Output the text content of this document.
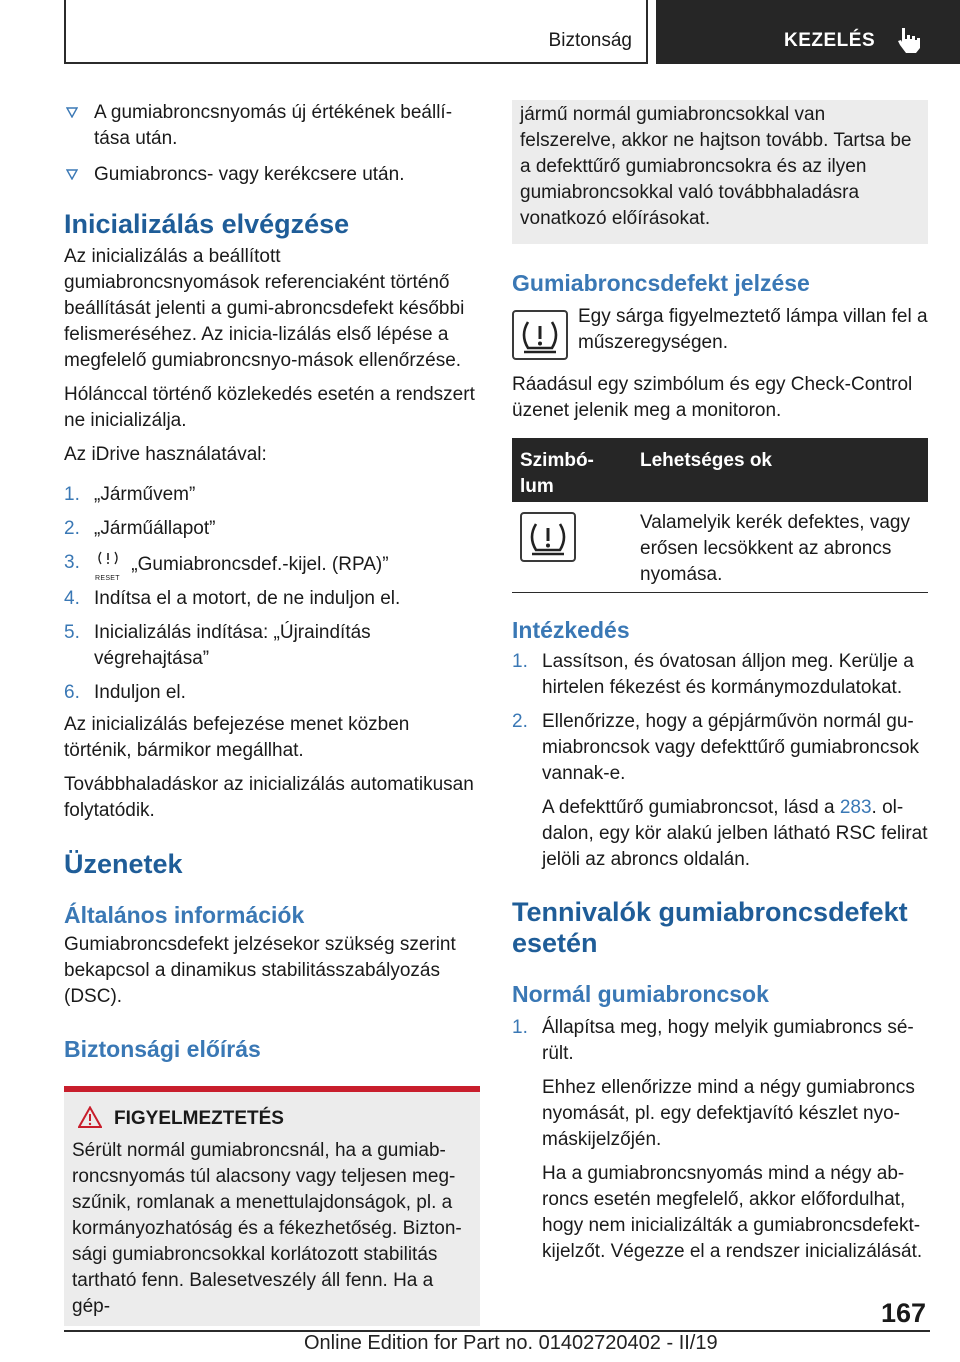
Biztonság	KEZELÉS
A gumiabroncsnyomás új értékének beállí-tása után.
Gumiabroncs- vagy kerékcsere után.
Inicializálás elvégzése

Az inicializálás a beállított gumiabroncsnyomások referenciaként történő beállítását jelenti a gumi-abroncsdefekt későbbi felismeréséhez. Az inicia-lizálás első lépése a megfelelő gumiabroncsnyo-mások ellenőrzése.

Hólánccal történő közlekedés esetén a rendszert ne inicializálja.

Az iDrive használatával:

1. „Járművem”
2. „Járműállapot”
3.
RESET
„Gumiabroncsdef.-kijel. (RPA)”
4. Indítsa el a motort, de ne induljon el.
5. Inicializálás indítása: „Újraindítás végrehajtása”
6. Induljon el.

Az inicializálás befejezése menet közben történik, bármikor megállhat.

Továbbhaladáskor az inicializálás automatikusan folytatódik.

Üzenetek
Általános információk

Gumiabroncsdefekt jelzésekor szükség szerint bekapcsol a dinamikus stabilitásszabályozás (DSC).

Biztonsági előírás
FIGYELMEZTETÉS

Sérült normál gumiabroncsnál, ha a gumiab-roncsnyomás túl alacsony vagy teljesen meg-szűnik, romlanak a menettulajdonságok, pl. a kormányozhatóság és a fékezhetőség. Bizton-sági gumiabroncsokkal korlátozott stabilitás tartható fenn. Balesetveszély áll fenn. Ha a gép-

jármű normál gumiabroncsokkal van felszerelve, akkor ne hajtson tovább. Tartsa be a defekttűrő gumiabroncsokra és az ilyen gumiabroncsokkal való továbbhaladásra vonatkozó előírásokat.

Gumiabroncsdefekt jelzése

Egy sárga figyelmeztető lámpa villan fel a műszeregységen.

Ráadásul egy szimbólum és egy Check-Control üzenet jelenik meg a monitoron.

Szimbó-lum
Lehetséges ok

Valamelyik kerék defektes, vagy erősen lecsökkent az abroncs nyomása.

Intézkedés
1. Lassítson, és óvatosan álljon meg. Kerülje a hirtelen fékezést és kormánymozdulatokat.
2. Ellenőrizze, hogy a gépjárművön normál gu-miabroncsok vagy defekttűrő gumiabroncsok vannak-e.

A defekttűrő gumiabroncsot, lásd a 283. ol-dalon, egy kör alakú jelben látható RSC felirat jelöli az abroncs oldalán.

Tennivalók gumiabroncsdefekt esetén
Normál gumiabroncsok
1. Állapítsa meg, hogy melyik gumiabroncs sé-rült.

Ehhez ellenőrizze mind a négy gumiabroncs nyomását, pl. egy defektjavító készlet nyo-máskijelzőjén.

Ha a gumiabroncsnyomás mind a négy ab-roncs esetén megfelelő, akkor előfordulhat, hogy nem inicializálták a gumiabroncsdefekt-kijelzőt. Végezze el a rendszer inicializálását.

167
Online Edition for Part no. 01402720402 - II/19
